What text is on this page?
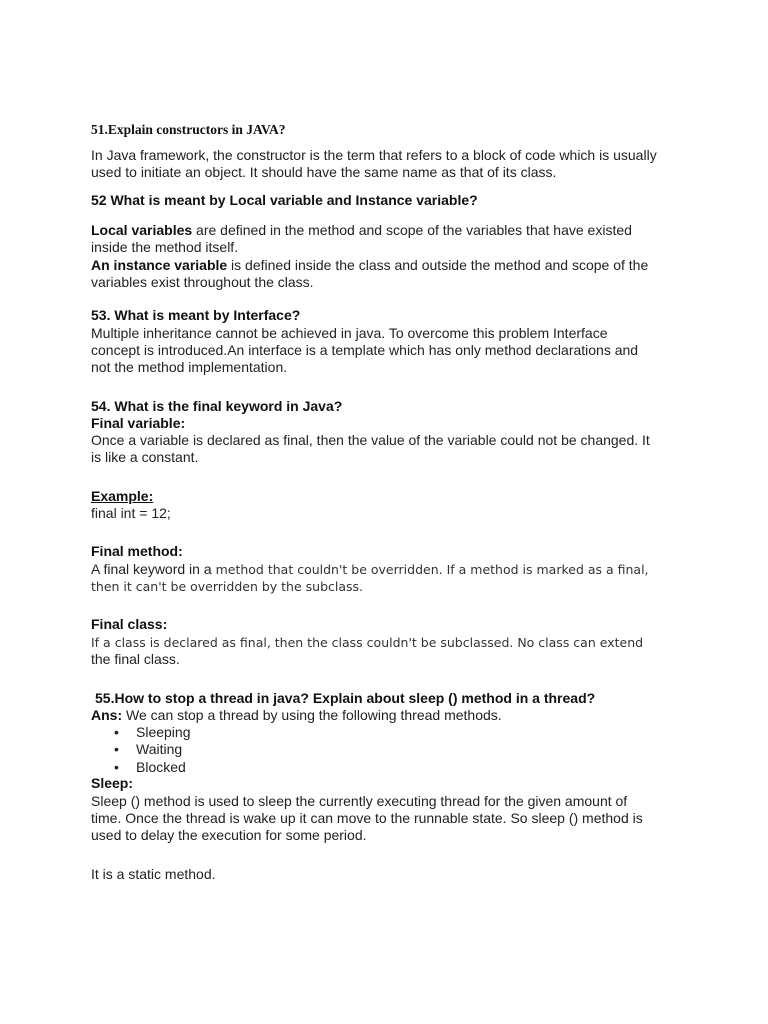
51.Explain constructors in JAVA?

In Java framework, the constructor is the term that refers to a block of code which is usually

used to initiate an object. It should have the same name as that of its class.

52 What is meant by Local variable and Instance variable?

Local variables are defined in the method and scope of the variables that have existed

inside the method itself.

An instance variable is defined inside the class and outside the method and scope of the

variables exist throughout the class.

53. What is meant by Interface?

Multiple inheritance cannot be achieved in java. To overcome this problem Interface

concept is introduced.An interface is a template which has only method declarations and

not the method implementation.

54. What is the final keyword in Java?

Final variable:

Once a variable is declared as final, then the value of the variable could not be changed. It

is like a constant.

Example:

final int = 12;

Final method:

A final keyword in a method that couldn't be overridden. If a method is marked as a final,

then it can't be overridden by the subclass.

Final class:

If a class is declared as final, then the class couldn't be subclassed. No class can extend

the final class.

55.How to stop a thread in java? Explain about sleep () method in a thread?

Ans: We can stop a thread by using the following thread methods.

• Sleeping
• Waiting
• Blocked

Sleep:

Sleep () method is used to sleep the currently executing thread for the given amount of

time. Once the thread is wake up it can move to the runnable state. So sleep () method is

used to delay the execution for some period.

It is a static method.
